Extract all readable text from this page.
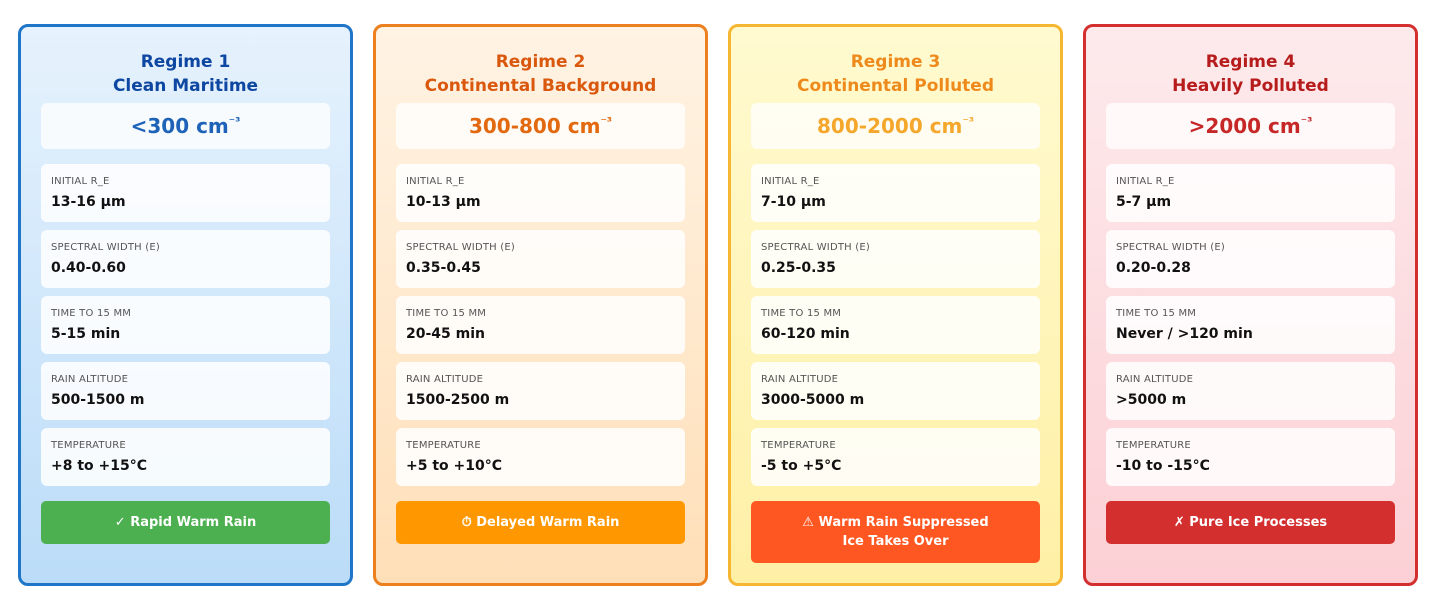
Regime 1
Clean Maritime
<300 $cm^{^{-3}}$
INITIAL R_E
13-16 µm
SPECTRAL WIDTH (Ε)
0.40-0.60
TIME TO 15 MM
5-15 min
RAIN ALTITUDE
500-1500 m
TEMPERATURE
+8 to +15°C
✓ Rapid Warm Rain
Regime 2
Continental Background
300-800 $cm^{^{-3}}$
INITIAL R_E
10-13 µm
SPECTRAL WIDTH (Ε)
0.35-0.45
TIME TO 15 MM
20-45 min
RAIN ALTITUDE
1500-2500 m
TEMPERATURE
+5 to +10°C
⏱ Delayed Warm Rain
Regime 3
Continental Polluted
800-2000 $cm^{^{-3}}$
INITIAL R_E
7-10 µm
SPECTRAL WIDTH (Ε)
0.25-0.35
TIME TO 15 MM
60-120 min
RAIN ALTITUDE
3000-5000 m
TEMPERATURE
-5 to +5°C
⚠ Warm Rain Suppressed
Ice Takes Over
Regime 4
Heavily Polluted
>2000 $cm^{^{-3}}$
INITIAL R_E
5-7 µm
SPECTRAL WIDTH (Ε)
0.20-0.28
TIME TO 15 MM
Never / >120 min
RAIN ALTITUDE
>5000 m
TEMPERATURE
-10 to -15°C
✗ Pure Ice Processes
